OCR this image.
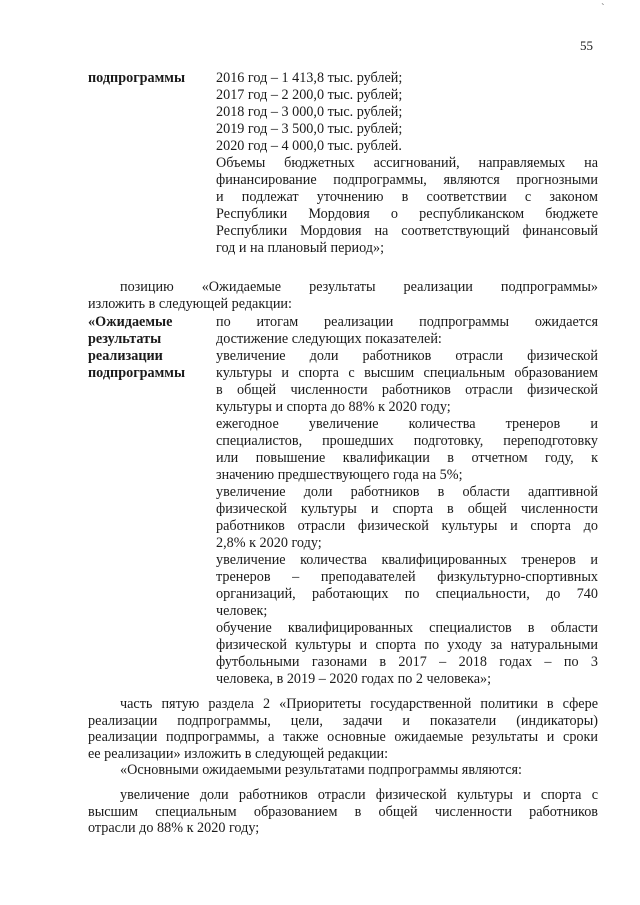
`
55
подпрограммы	2016 год – 1 413,8 тыс. рублей;
2017 год – 2 200,0 тыс. рублей;
2018 год – 3 000,0 тыс. рублей;
2019 год – 3 500,0 тыс. рублей;
2020 год – 4 000,0 тыс. рублей.
Объемы бюджетных ассигнований, направляемых на
финансирование подпрограммы, являются прогнозными
и подлежат уточнению в соответствии с законом
Республики Мордовия о республиканском бюджете
Республики Мордовия на соответствующий финансовый
год и на плановый период»;
позицию «Ожидаемые результаты реализации подпрограммы»
изложить в следующей редакции:
«Ожидаемые
результаты
реализации
подпрограммы
по итогам реализации подпрограммы ожидается
достижение следующих показателей:
увеличение доли работников отрасли физической
культуры и спорта с высшим специальным образованием
в общей численности работников отрасли физической
культуры и спорта до 88% к 2020 году;
ежегодное увеличение количества тренеров и
специалистов, прошедших подготовку, переподготовку
или повышение квалификации в отчетном году, к
значению предшествующего года на 5%;
увеличение доли работников в области адаптивной
физической культуры и спорта в общей численности
работников отрасли физической культуры и спорта до
2,8% к 2020 году;
увеличение количества квалифицированных тренеров и
тренеров – преподавателей физкультурно-спортивных
организаций, работающих по специальности, до 740
человек;
обучение квалифицированных специалистов в области
физической культуры и спорта по уходу за натуральными
футбольными газонами в 2017 – 2018 годах – по 3
человека, в 2019 – 2020 годах по 2 человека»;
часть пятую раздела 2 «Приоритеты государственной политики в сфере
реализации подпрограммы, цели, задачи и показатели (индикаторы)
реализации подпрограммы, а также основные ожидаемые результаты и сроки
ее реализации» изложить в следующей редакции:
«Основными ожидаемыми результатами подпрограммы являются:
увеличение доли работников отрасли физической культуры и спорта с
высшим специальным образованием в общей численности работников
отрасли до 88% к 2020 году;
